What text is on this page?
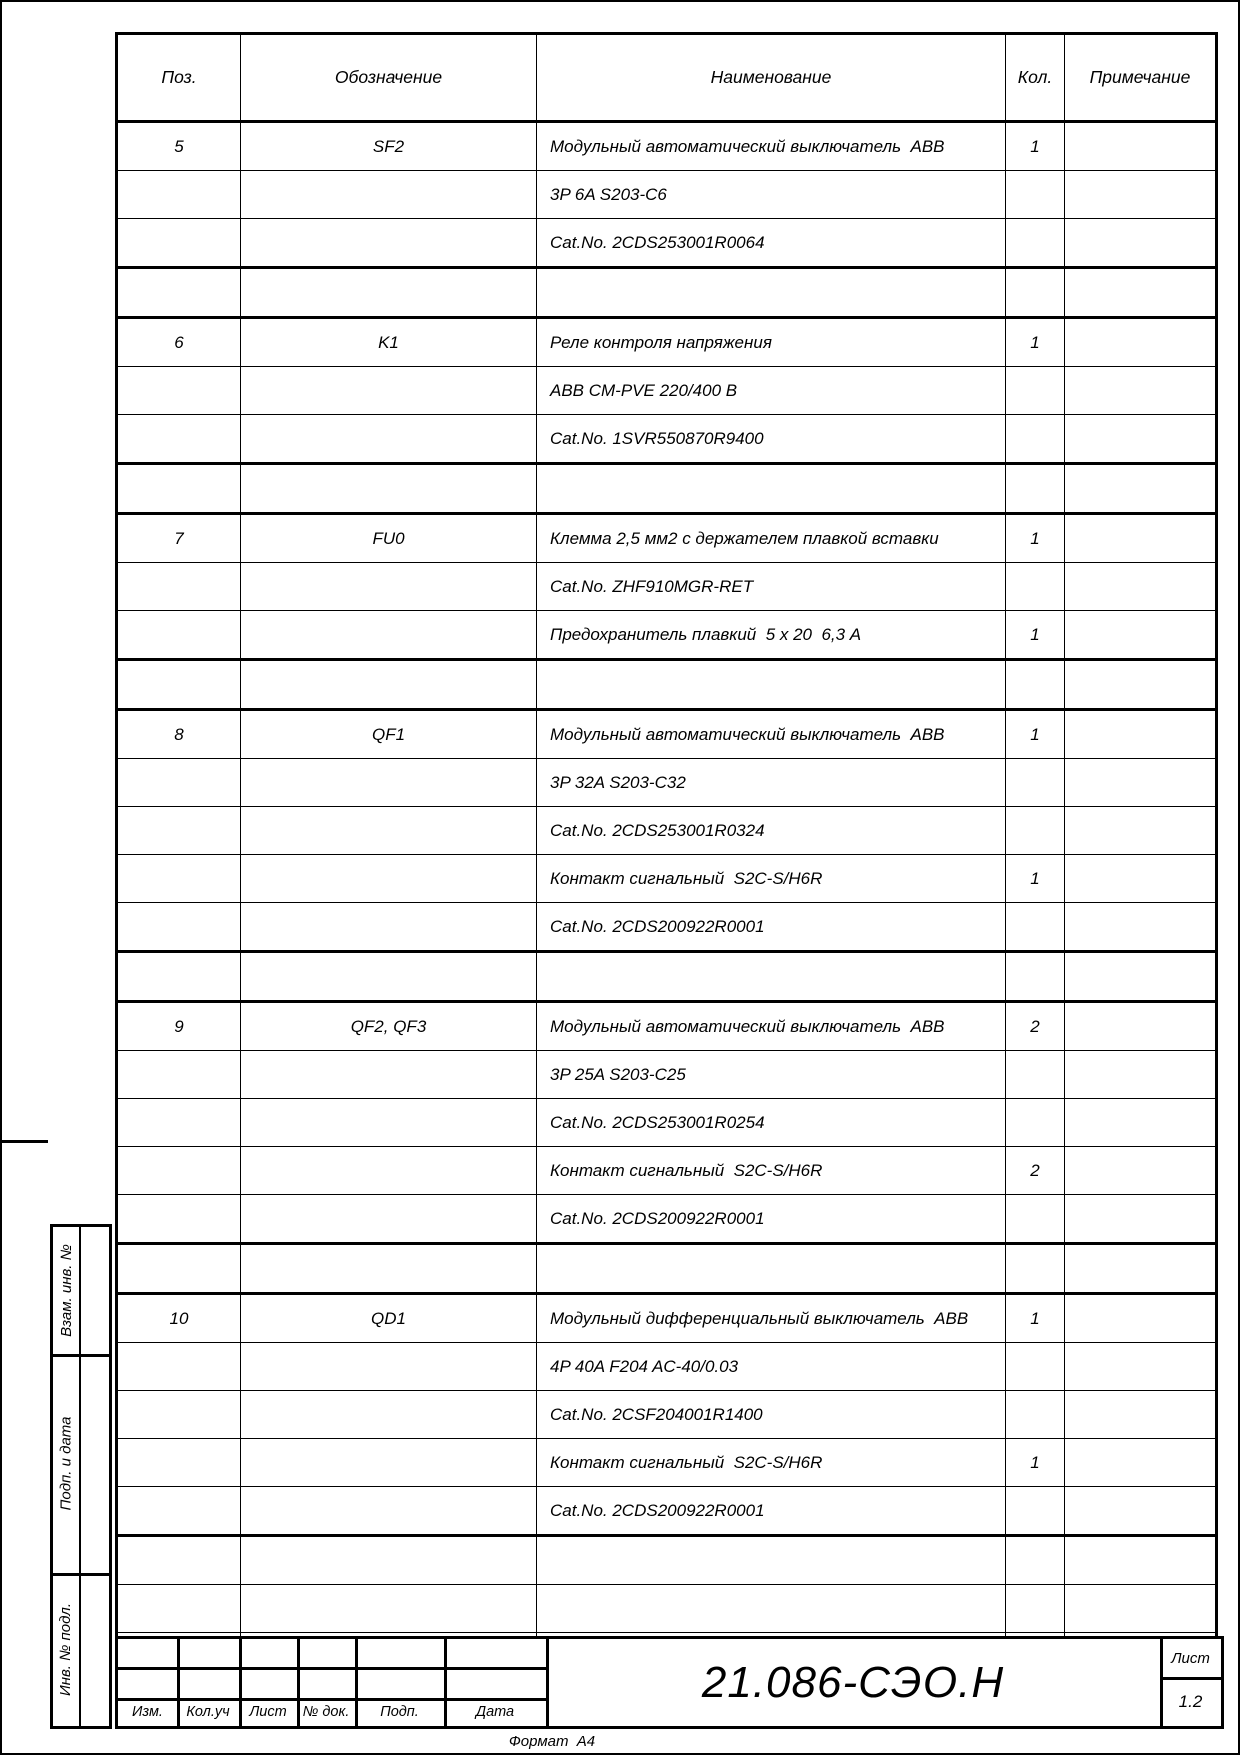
Поз.	Обозначение	Наименование	Кол.	Примечание
5	SF2	Модульный автоматический выключатель  ABB	1	
		3P 6A S203-C6		
		Cat.No. 2CDS253001R0064		

6	K1	Реле контроля напряжения	1	
		ABB CM-PVE 220/400 В		
		Cat.No. 1SVR550870R9400		

7	FU0	Клемма 2,5 мм2 с держателем плавкой вставки	1	
		Cat.No. ZHF910MGR-RET		
		Предохранитель плавкий  5 x 20  6,3 А	1	

8	QF1	Модульный автоматический выключатель  ABB	1	
		3P 32A S203-C32		
		Cat.No. 2CDS253001R0324		
		Контакт сигнальный  S2C-S/H6R	1	
		Cat.No. 2CDS200922R0001		

9	QF2, QF3	Модульный автоматический выключатель  ABB	2	
		3P 25A S203-C25		
		Cat.No. 2CDS253001R0254		
		Контакт сигнальный  S2C-S/H6R	2	
		Cat.No. 2CDS200922R0001		

10	QD1	Модульный дифференциальный выключатель  ABB	1	
		4P 40A F204 AC-40/0.03		
		Cat.No. 2CSF204001R1400		
		Контакт сигнальный  S2C-S/H6R	1	
		Cat.No. 2CDS200922R0001		

Взам. инв. №
Подп. и дата
Инв. № подл.
Изм.	Кол.уч	Лист	№ док.	Подп.	Дата
21.086-СЭО.Н	Лист
1.2
Формат  А4
